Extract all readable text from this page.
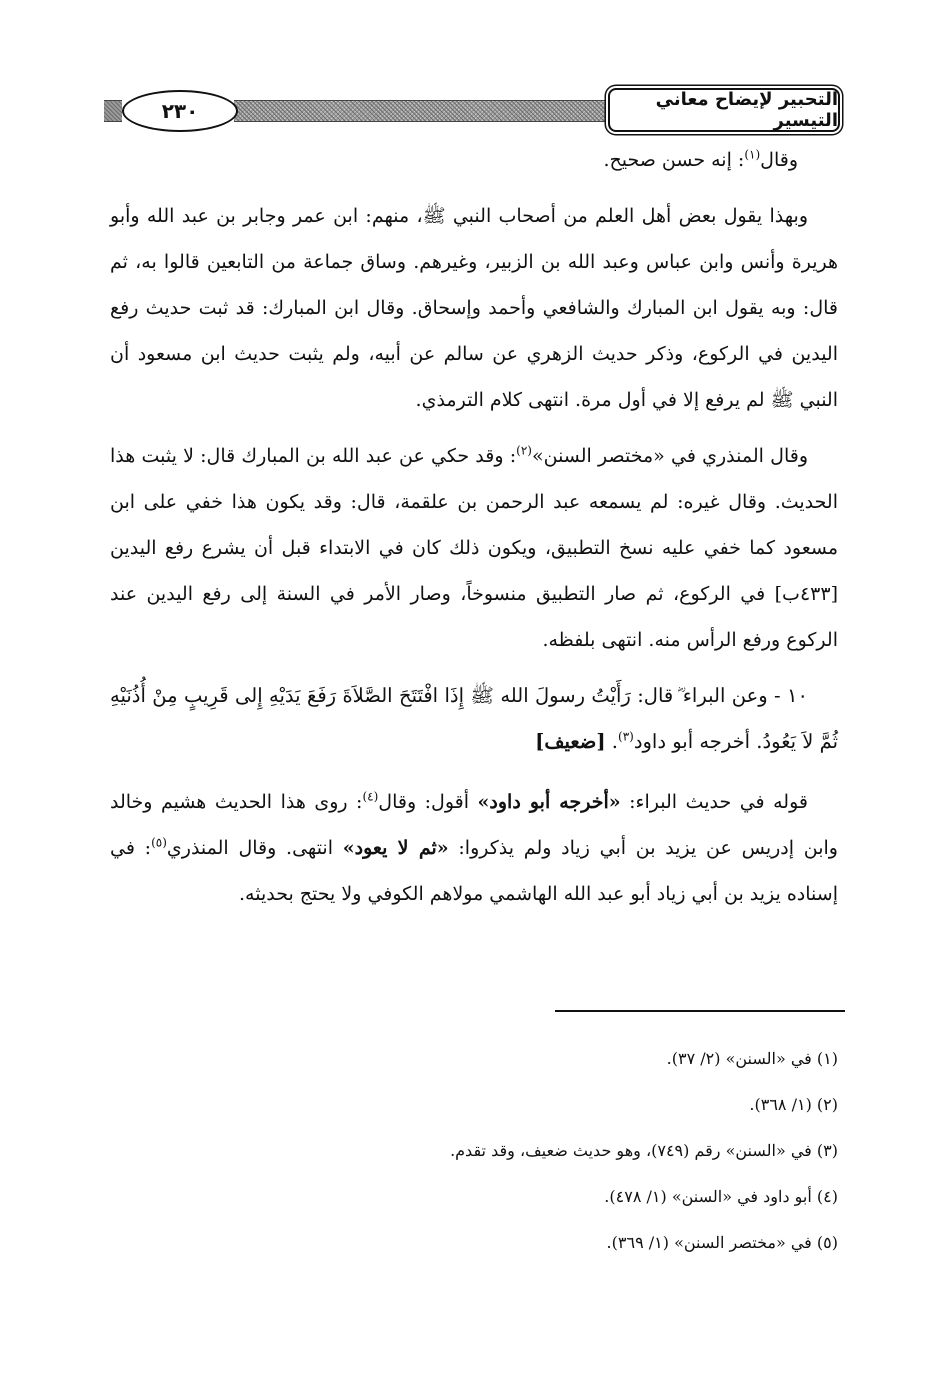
٢٣٠	التحبير لإيضاح معاني التيسير

وقال$^{(١)}$: إنه حسن صحيح.

وبهذا يقول بعض أهل العلم من أصحاب النبي ﷺ، منهم: ابن عمر وجابر بن عبد الله وأبو هريرة وأنس وابن عباس وعبد الله بن الزبير، وغيرهم. وساق جماعة من التابعين قالوا به، ثم قال: وبه يقول ابن المبارك والشافعي وأحمد وإسحاق. وقال ابن المبارك: قد ثبت حديث رفع اليدين في الركوع، وذكر حديث الزهري عن سالم عن أبيه، ولم يثبت حديث ابن مسعود أن النبي ﷺ لم يرفع إلا في أول مرة. انتهى كلام الترمذي.

وقال المنذري في «مختصر السنن»$^{(٢)}$: وقد حكي عن عبد الله بن المبارك قال: لا يثبت هذا الحديث. وقال غيره: لم يسمعه عبد الرحمن بن علقمة، قال: وقد يكون هذا خفي على ابن مسعود كما خفي عليه نسخ التطبيق، ويكون ذلك كان في الابتداء قبل أن يشرع رفع اليدين [٤٣٣ب] في الركوع، ثم صار التطبيق منسوخاً، وصار الأمر في السنة إلى رفع اليدين عند الركوع ورفع الرأس منه. انتهى بلفظه.

١٠ - وعن البراء ؓ قال: رَأَيْتُ رسولَ الله ﷺ إِذَا افْتَتَحَ الصَّلاَةَ رَفَعَ يَدَيْهِ إِلى قَرِيبٍ مِنْ أُذُنَيْهِ ثُمَّ لاَ يَعُودُ. أخرجه أبو داود$^{(٣)}$. [ضعيف]

قوله في حديث البراء: «أخرجه أبو داود» أقول: وقال$^{(٤)}$: روى هذا الحديث هشيم وخالد وابن إدريس عن يزيد بن أبي زياد ولم يذكروا: «ثم لا يعود» انتهى. وقال المنذري$^{(٥)}$: في إسناده يزيد بن أبي زياد أبو عبد الله الهاشمي مولاهم الكوفي ولا يحتج بحديثه.

(١) في «السنن» (٢/ ٣٧).
(٢) (١/ ٣٦٨).
(٣) في «السنن» رقم (٧٤٩)، وهو حديث ضعيف، وقد تقدم.
(٤) أبو داود في «السنن» (١/ ٤٧٨).
(٥) في «مختصر السنن» (١/ ٣٦٩).
